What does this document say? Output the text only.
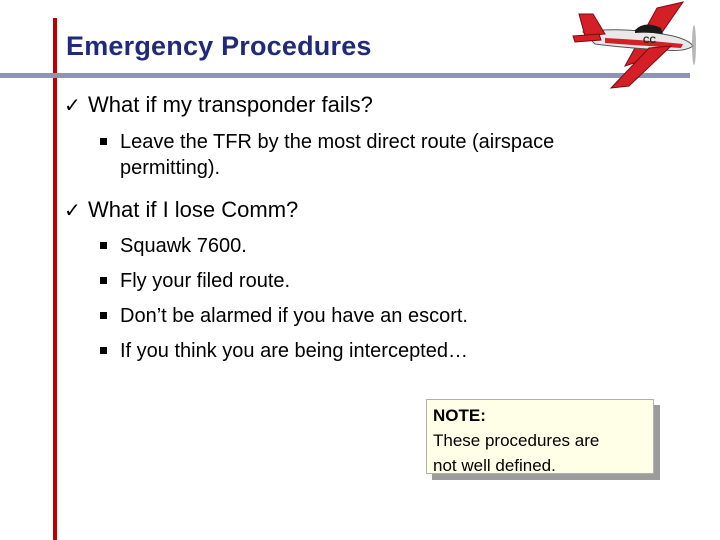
Emergency Procedures	CC
✓ What if my transponder fails?
Leave the TFR by the most direct route (airspace
permitting).
✓ What if I lose Comm?
Squawk 7600.
Fly your filed route.
Don’t be alarmed if you have an escort.
If you think you are being intercepted…
NOTE:
These procedures are
not well defined.
